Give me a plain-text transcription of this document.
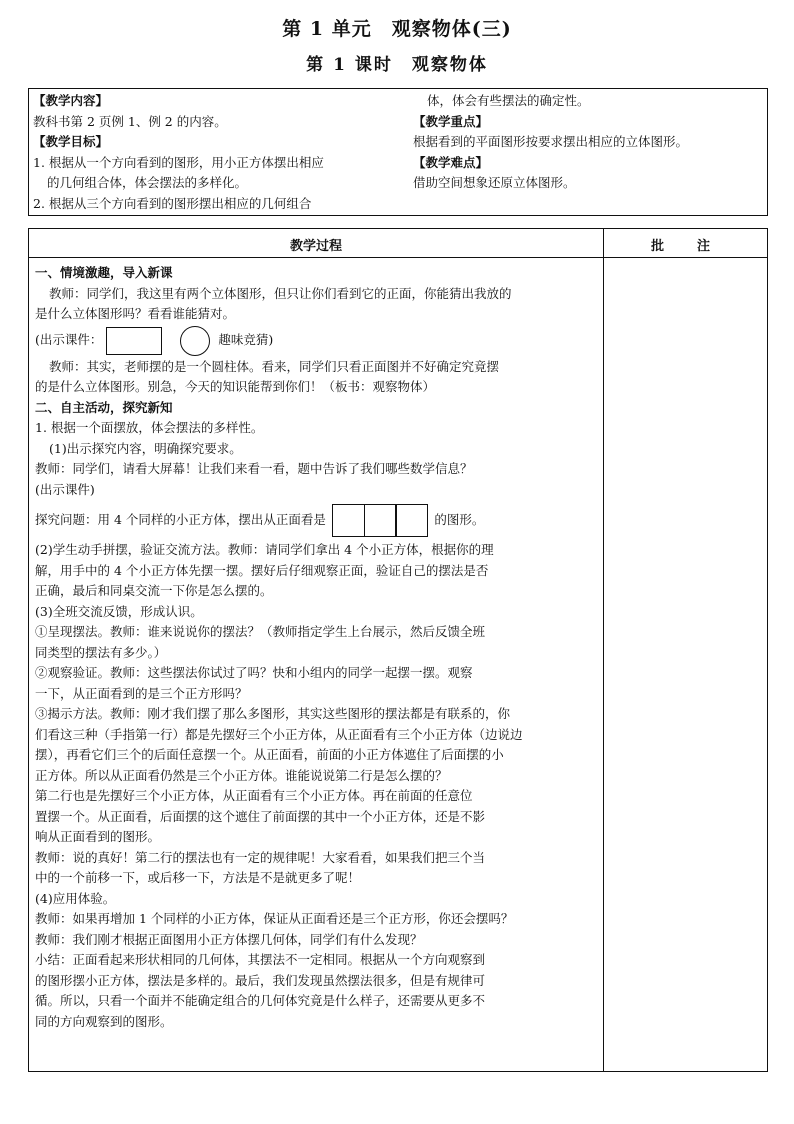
第 1 单元　观察物体(三)
第 1 课时　观察物体
【教学内容】
教科书第 2 页例 1、例 2 的内容。
【教学目标】
1. 根据从一个方向看到的图形，用小正方体摆出相应
的几何组合体，体会摆法的多样化。
2. 根据从三个方向看到的图形摆出相应的几何组合
体，体会有些摆法的确定性。
【教学重点】
根据看到的平面图形按要求摆出相应的立体图形。
【教学难点】
借助空间想象还原立体图形。
教学过程	批　注
一、情境激趣，导入新课
教师：同学们，我这里有两个立体图形，但只让你们看到它的正面，你能猜出我放的
是什么立体图形吗？看看谁能猜对。
(出示课件：	趣味竞猜)
教师：其实，老师摆的是一个圆柱体。看来，同学们只看正面图并不好确定究竟摆
的是什么立体图形。别急，今天的知识能帮到你们！（板书：观察物体）
二、自主活动，探究新知
1. 根据一个面摆放，体会摆法的多样性。
(1)出示探究内容，明确探究要求。
教师：同学们，请看大屏幕！让我们来看一看，题中告诉了我们哪些数学信息？
(出示课件)
探究问题：用 4 个同样的小正方体，摆出从正面看是	的图形。
(2)学生动手拼摆，验证交流方法。教师：请同学们拿出 4 个小正方体，根据你的理
解，用手中的 4 个小正方体先摆一摆。摆好后仔细观察正面，验证自己的摆法是否
正确，最后和同桌交流一下你是怎么摆的。
(3)全班交流反馈，形成认识。
①呈现摆法。教师：谁来说说你的摆法？（教师指定学生上台展示，然后反馈全班
同类型的摆法有多少。）
②观察验证。教师：这些摆法你试过了吗？快和小组内的同学一起摆一摆。观察
一下，从正面看到的是三个正方形吗？
③揭示方法。教师：刚才我们摆了那么多图形，其实这些图形的摆法都是有联系的，你
们看这三种（手指第一行）都是先摆好三个小正方体，从正面看有三个小正方体（边说边
摆），再看它们三个的后面任意摆一个。从正面看，前面的小正方体遮住了后面摆的小
正方体。所以从正面看仍然是三个小正方体。谁能说说第二行是怎么摆的？
第二行也是先摆好三个小正方体，从正面看有三个小正方体。再在前面的任意位
置摆一个。从正面看，后面摆的这个遮住了前面摆的其中一个小正方体，还是不影
响从正面看到的图形。
教师：说的真好！第二行的摆法也有一定的规律呢！大家看看，如果我们把三个当
中的一个前移一下，或后移一下，方法是不是就更多了呢！
(4)应用体验。
教师：如果再增加 1 个同样的小正方体，保证从正面看还是三个正方形，你还会摆吗？
教师：我们刚才根据正面图用小正方体摆几何体，同学们有什么发现？
小结：正面看起来形状相同的几何体，其摆法不一定相同。根据从一个方向观察到
的图形摆小正方体，摆法是多样的。最后，我们发现虽然摆法很多，但是有规律可
循。所以，只看一个面并不能确定组合的几何体究竟是什么样子，还需要从更多不
同的方向观察到的图形。
